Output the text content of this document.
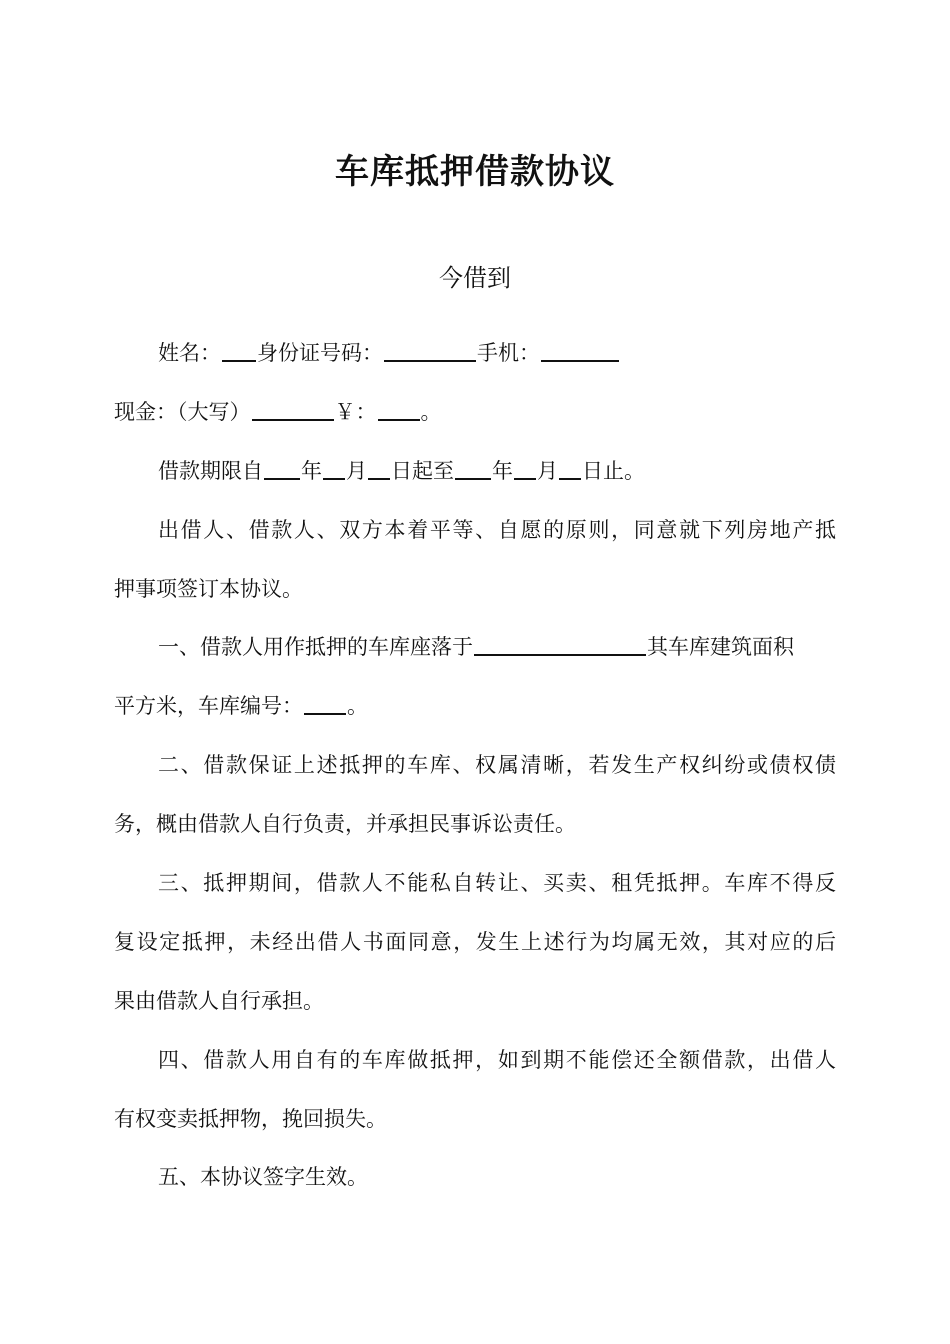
车库抵押借款协议
今借到
姓名： 身份证号码：	手机：
现金：（大写）	￥： 。
借款期限自 年 月 日起至 年 月 日止。
出借人、借款人、双方本着平等、自愿的原则，同意就下列房地产抵
押事项签订本协议。
一、借款人用作抵押的车库座落于	其车库建筑面积
平方米，车库编号： 。
二、借款保证上述抵押的车库、权属清晰，若发生产权纠纷或债权债
务，概由借款人自行负责，并承担民事诉讼责任。
三、抵押期间，借款人不能私自转让、买卖、租凭抵押。车库不得反
复设定抵押，未经出借人书面同意，发生上述行为均属无效，其对应的后
果由借款人自行承担。
四、借款人用自有的车库做抵押，如到期不能偿还全额借款，出借人
有权变卖抵押物，挽回损失。
五、本协议签字生效。
